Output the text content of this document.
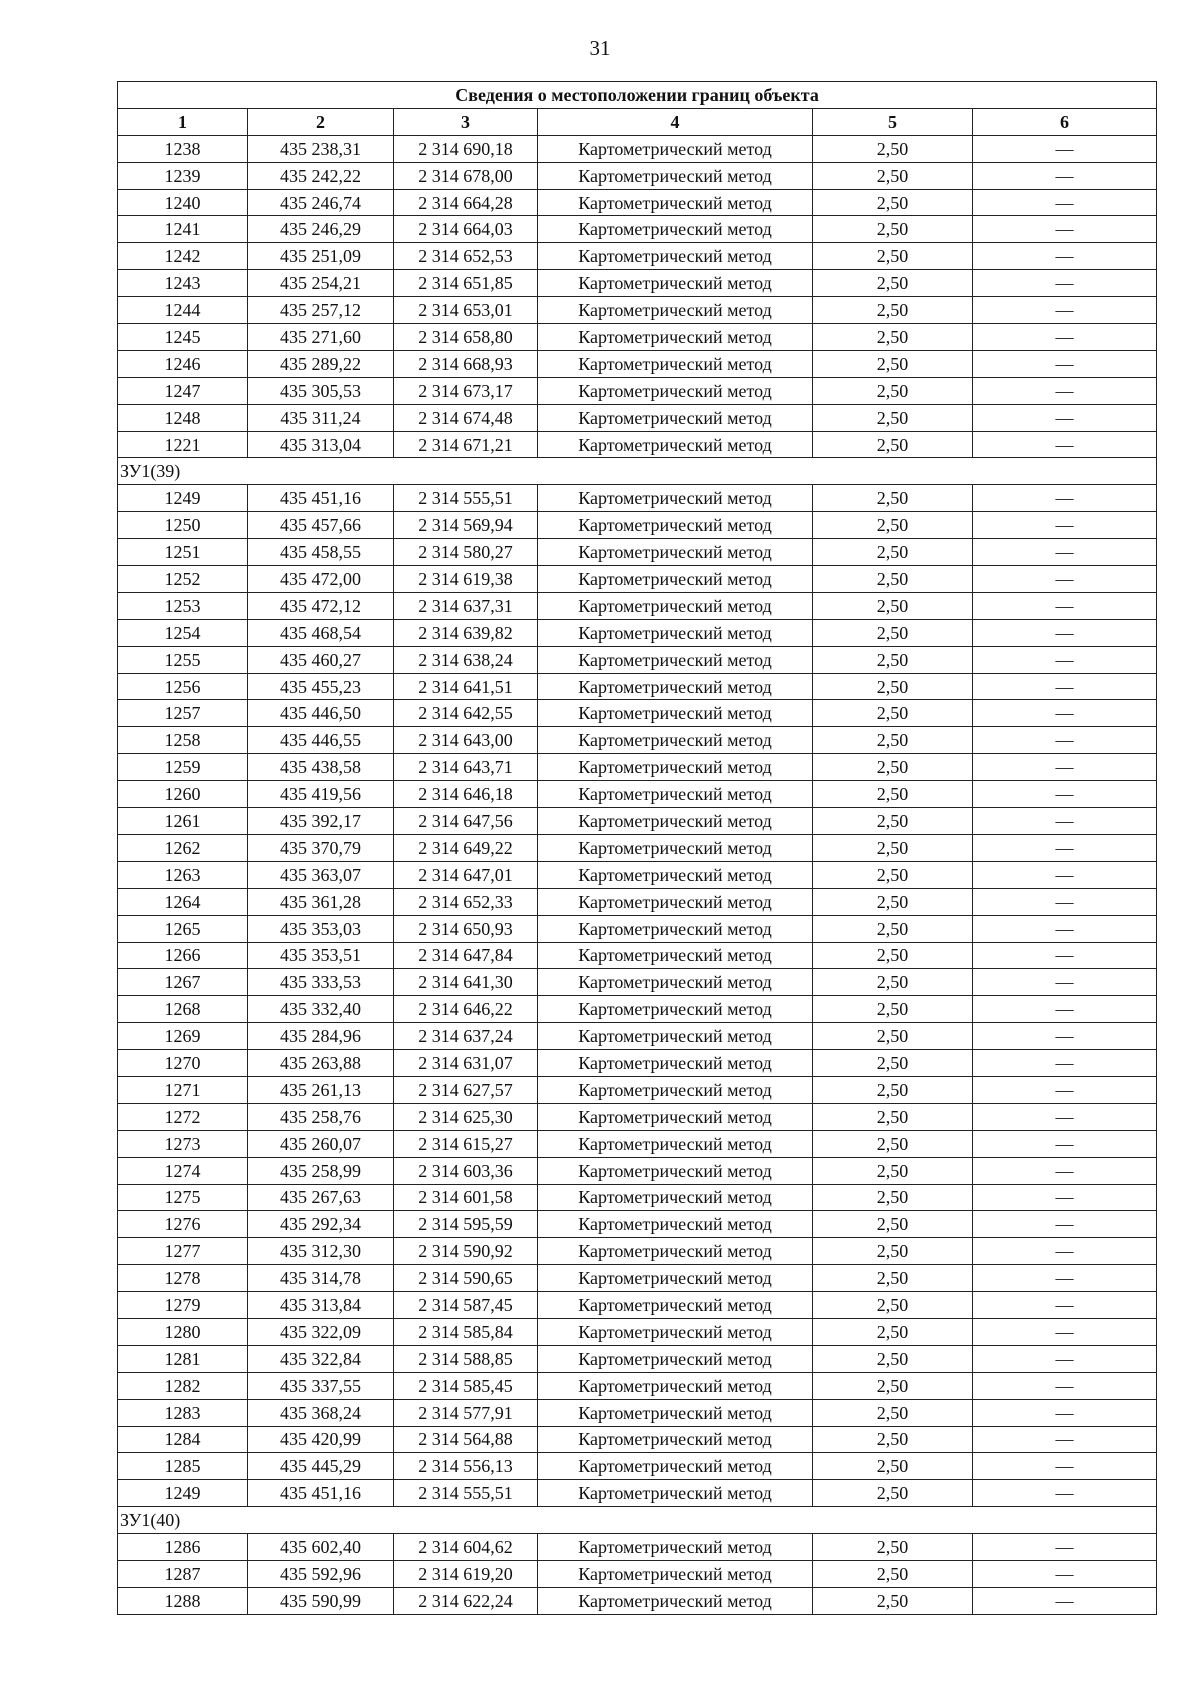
31
Сведения о местоположении границ объекта					
1	2	3	4	5	6
1238	435 238,31	2 314 690,18	Картометрический метод	2,50	—
1239	435 242,22	2 314 678,00	Картометрический метод	2,50	—
1240	435 246,74	2 314 664,28	Картометрический метод	2,50	—
1241	435 246,29	2 314 664,03	Картометрический метод	2,50	—
1242	435 251,09	2 314 652,53	Картометрический метод	2,50	—
1243	435 254,21	2 314 651,85	Картометрический метод	2,50	—
1244	435 257,12	2 314 653,01	Картометрический метод	2,50	—
1245	435 271,60	2 314 658,80	Картометрический метод	2,50	—
1246	435 289,22	2 314 668,93	Картометрический метод	2,50	—
1247	435 305,53	2 314 673,17	Картометрический метод	2,50	—
1248	435 311,24	2 314 674,48	Картометрический метод	2,50	—
1221	435 313,04	2 314 671,21	Картометрический метод	2,50	—
ЗУ1(39)					
1249	435 451,16	2 314 555,51	Картометрический метод	2,50	—
1250	435 457,66	2 314 569,94	Картометрический метод	2,50	—
1251	435 458,55	2 314 580,27	Картометрический метод	2,50	—
1252	435 472,00	2 314 619,38	Картометрический метод	2,50	—
1253	435 472,12	2 314 637,31	Картометрический метод	2,50	—
1254	435 468,54	2 314 639,82	Картометрический метод	2,50	—
1255	435 460,27	2 314 638,24	Картометрический метод	2,50	—
1256	435 455,23	2 314 641,51	Картометрический метод	2,50	—
1257	435 446,50	2 314 642,55	Картометрический метод	2,50	—
1258	435 446,55	2 314 643,00	Картометрический метод	2,50	—
1259	435 438,58	2 314 643,71	Картометрический метод	2,50	—
1260	435 419,56	2 314 646,18	Картометрический метод	2,50	—
1261	435 392,17	2 314 647,56	Картометрический метод	2,50	—
1262	435 370,79	2 314 649,22	Картометрический метод	2,50	—
1263	435 363,07	2 314 647,01	Картометрический метод	2,50	—
1264	435 361,28	2 314 652,33	Картометрический метод	2,50	—
1265	435 353,03	2 314 650,93	Картометрический метод	2,50	—
1266	435 353,51	2 314 647,84	Картометрический метод	2,50	—
1267	435 333,53	2 314 641,30	Картометрический метод	2,50	—
1268	435 332,40	2 314 646,22	Картометрический метод	2,50	—
1269	435 284,96	2 314 637,24	Картометрический метод	2,50	—
1270	435 263,88	2 314 631,07	Картометрический метод	2,50	—
1271	435 261,13	2 314 627,57	Картометрический метод	2,50	—
1272	435 258,76	2 314 625,30	Картометрический метод	2,50	—
1273	435 260,07	2 314 615,27	Картометрический метод	2,50	—
1274	435 258,99	2 314 603,36	Картометрический метод	2,50	—
1275	435 267,63	2 314 601,58	Картометрический метод	2,50	—
1276	435 292,34	2 314 595,59	Картометрический метод	2,50	—
1277	435 312,30	2 314 590,92	Картометрический метод	2,50	—
1278	435 314,78	2 314 590,65	Картометрический метод	2,50	—
1279	435 313,84	2 314 587,45	Картометрический метод	2,50	—
1280	435 322,09	2 314 585,84	Картометрический метод	2,50	—
1281	435 322,84	2 314 588,85	Картометрический метод	2,50	—
1282	435 337,55	2 314 585,45	Картометрический метод	2,50	—
1283	435 368,24	2 314 577,91	Картометрический метод	2,50	—
1284	435 420,99	2 314 564,88	Картометрический метод	2,50	—
1285	435 445,29	2 314 556,13	Картометрический метод	2,50	—
1249	435 451,16	2 314 555,51	Картометрический метод	2,50	—
ЗУ1(40)					
1286	435 602,40	2 314 604,62	Картометрический метод	2,50	—
1287	435 592,96	2 314 619,20	Картометрический метод	2,50	—
1288	435 590,99	2 314 622,24	Картометрический метод	2,50	—
